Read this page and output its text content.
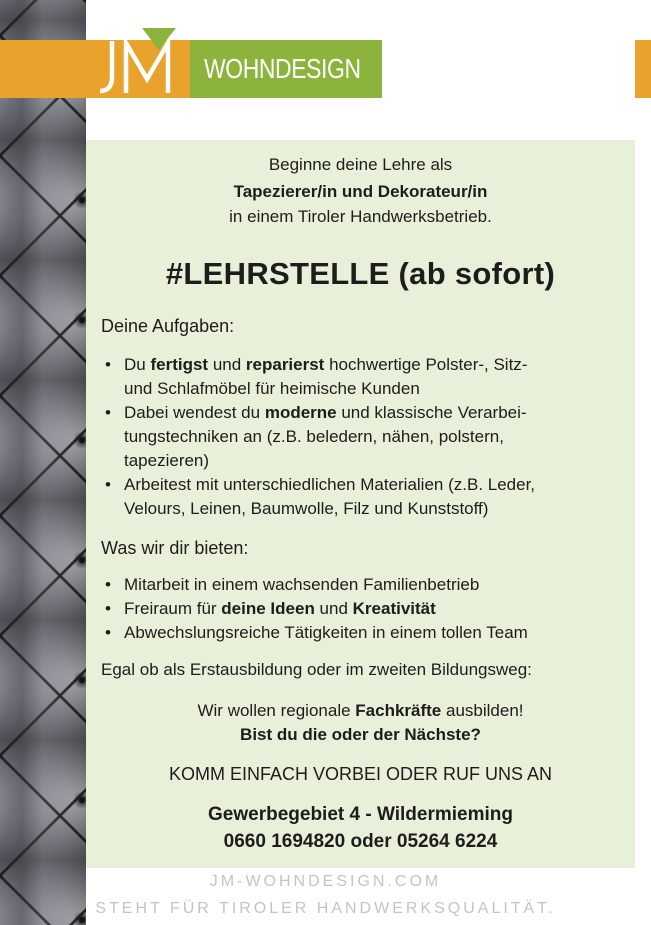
WOHNDESIGN
Beginne deine Lehre als
Tapezierer/in und Dekorateur/in
in einem Tiroler Handwerksbetrieb.
#LEHRSTELLE (ab sofort)
Deine Aufgaben:
• Du fertigst und reparierst hochwertige Polster-, Sitz-
und Schlafmöbel für heimische Kunden
• Dabei wendest du moderne und klassische Verarbei-
tungstechniken an (z.B. beledern, nähen, polstern,
tapezieren)
• Arbeitest mit unterschiedlichen Materialien (z.B. Leder,
Velours, Leinen, Baumwolle, Filz und Kunststoff)
Was wir dir bieten:
• Mitarbeit in einem wachsenden Familienbetrieb
• Freiraum für deine Ideen und Kreativität
• Abwechslungsreiche Tätigkeiten in einem tollen Team
Egal ob als Erstausbildung oder im zweiten Bildungsweg:
Wir wollen regionale Fachkräfte ausbilden!
Bist du die oder der Nächste?
KOMM EINFACH VORBEI ODER RUF UNS AN
Gewerbegebiet 4 - Wildermieming
0660 1694820 oder 05264 6224
JM-WOHNDESIGN.COM
STEHT FÜR TIROLER HANDWERKSQUALITÄT.
